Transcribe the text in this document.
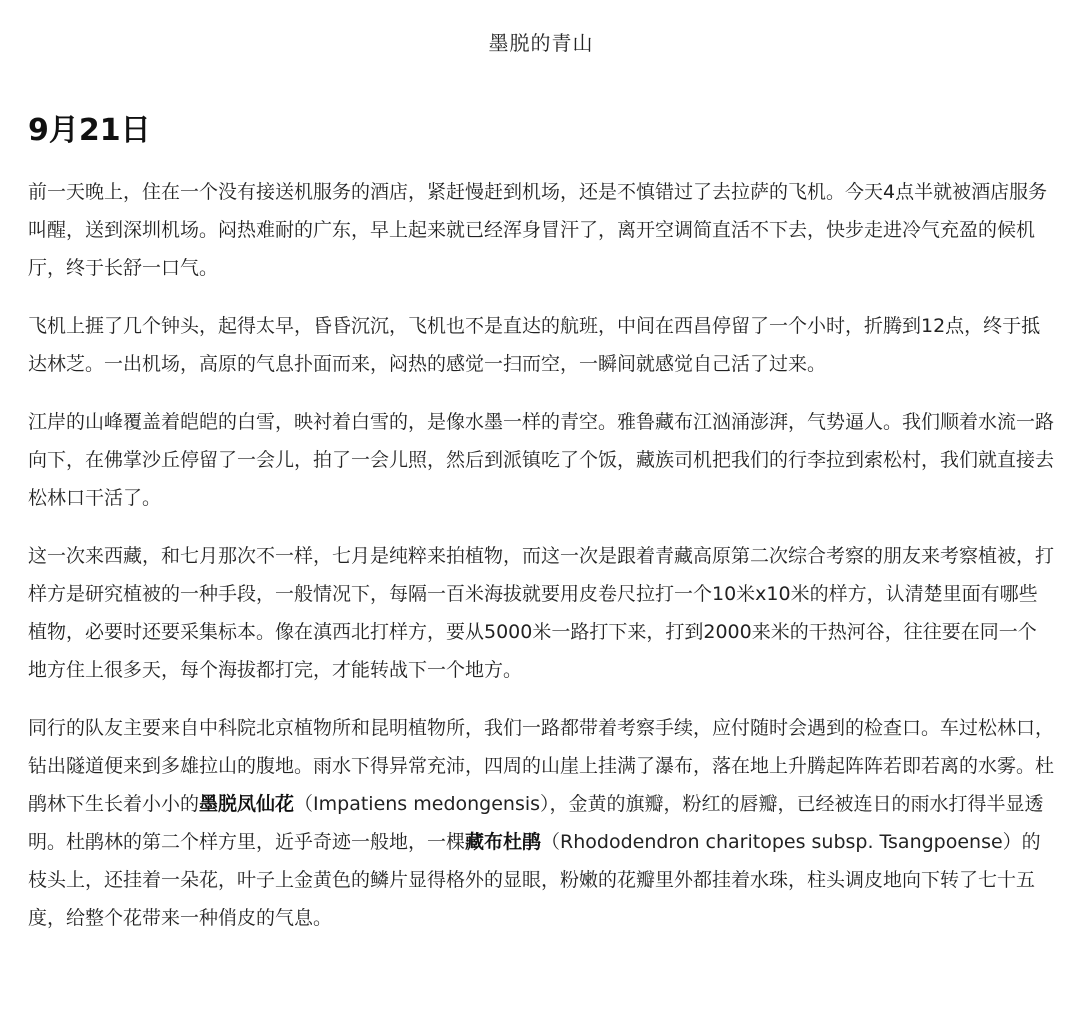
墨脱的青山
9月21日

前一天晚上，住在一个没有接送机服务的酒店，紧赶慢赶到机场，还是不慎错过了去拉萨的飞机。今天4点半就被酒店服务叫醒，送到深圳机场。闷热难耐的广东，早上起来就已经浑身冒汗了，离开空调简直活不下去，快步走进冷气充盈的候机厅，终于长舒一口气。

飞机上捱了几个钟头，起得太早，昏昏沉沉，飞机也不是直达的航班，中间在西昌停留了一个小时，折腾到12点，终于抵达林芝。一出机场，高原的气息扑面而来，闷热的感觉一扫而空，一瞬间就感觉自己活了过来。

江岸的山峰覆盖着皑皑的白雪，映衬着白雪的，是像水墨一样的青空。雅鲁藏布江汹涌澎湃，气势逼人。我们顺着水流一路向下，在佛掌沙丘停留了一会儿，拍了一会儿照，然后到派镇吃了个饭，藏族司机把我们的行李拉到索松村，我们就直接去松林口干活了。

这一次来西藏，和七月那次不一样，七月是纯粹来拍植物，而这一次是跟着青藏高原第二次综合考察的朋友来考察植被，打样方是研究植被的一种手段，一般情况下，每隔一百米海拔就要用皮卷尺拉打一个10米x10米的样方，认清楚里面有哪些植物，必要时还要采集标本。像在滇西北打样方，要从5000米一路打下来，打到2000来米的干热河谷，往往要在同一个地方住上很多天，每个海拔都打完，才能转战下一个地方。

同行的队友主要来自中科院北京植物所和昆明植物所，我们一路都带着考察手续，应付随时会遇到的检查口。车过松林口，钻出隧道便来到多雄拉山的腹地。雨水下得异常充沛，四周的山崖上挂满了瀑布，落在地上升腾起阵阵若即若离的水雾。杜鹃林下生长着小小的墨脱凤仙花（Impatiens medongensis），金黄的旗瓣，粉红的唇瓣，已经被连日的雨水打得半显透明。杜鹃林的第二个样方里，近乎奇迹一般地，一棵藏布杜鹃（Rhododendron charitopes subsp. Tsangpoense）的枝头上，还挂着一朵花，叶子上金黄色的鳞片显得格外的显眼，粉嫩的花瓣里外都挂着水珠，柱头调皮地向下转了七十五度，给整个花带来一种俏皮的气息。
